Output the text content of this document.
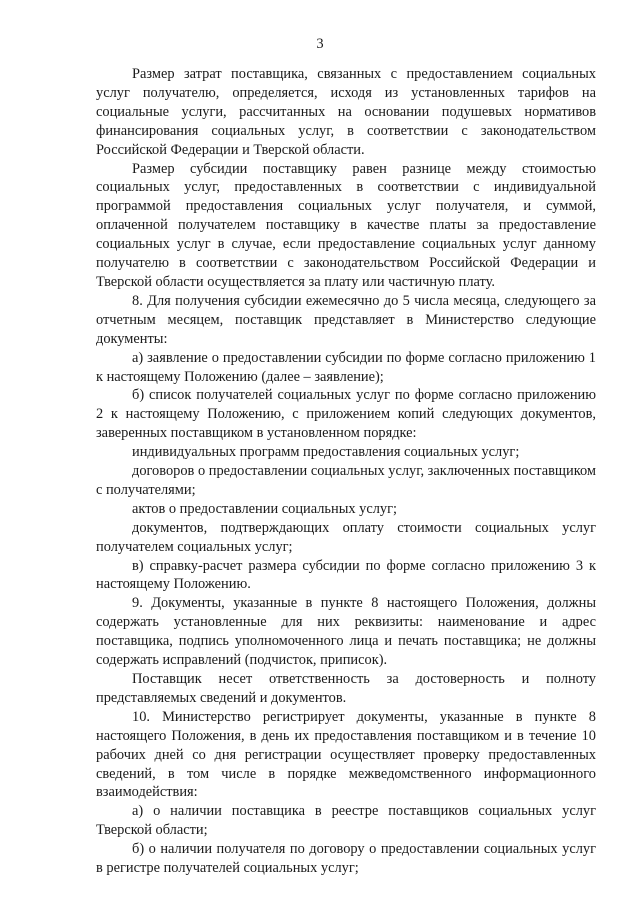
3

Размер затрат поставщика, связанных с предоставлением социальных услуг получателю, определяется, исходя из установленных тарифов на социальные услуги, рассчитанных на основании подушевых нормативов финансирования социальных услуг, в соответствии с законодательством Российской Федерации и Тверской области.

Размер субсидии поставщику равен разнице между стоимостью социальных услуг, предоставленных в соответствии с индивидуальной программой предоставления социальных услуг получателя, и суммой, оплаченной получателем поставщику в качестве платы за предоставление социальных услуг в случае, если предоставление социальных услуг данному получателю в соответствии с законодательством Российской Федерации и Тверской области осуществляется за плату или частичную плату.

8. Для получения субсидии ежемесячно до 5 числа месяца, следующего за отчетным месяцем, поставщик представляет в Министерство следующие документы:

а) заявление о предоставлении субсидии по форме согласно приложению 1 к настоящему Положению (далее – заявление);

б) список получателей социальных услуг по форме согласно приложению 2 к настоящему Положению, с приложением копий следующих документов, заверенных поставщиком в установленном порядке:

индивидуальных программ предоставления социальных услуг;

договоров о предоставлении социальных услуг, заключенных поставщиком с получателями;

актов о предоставлении социальных услуг;

документов, подтверждающих оплату стоимости социальных услуг получателем социальных услуг;

в) справку-расчет размера субсидии по форме согласно приложению 3 к настоящему Положению.

9. Документы, указанные в пункте 8 настоящего Положения, должны содержать установленные для них реквизиты: наименование и адрес поставщика, подпись уполномоченного лица и печать поставщика; не должны содержать исправлений (подчисток, приписок).

Поставщик несет ответственность за достоверность и полноту представляемых сведений и документов.

10. Министерство регистрирует документы, указанные в пункте 8 настоящего Положения, в день их предоставления поставщиком и в течение 10 рабочих дней со дня регистрации осуществляет проверку предоставленных сведений, в том числе в порядке межведомственного информационного взаимодействия:

а) о наличии поставщика в реестре поставщиков социальных услуг Тверской области;

б) о наличии получателя по договору о предоставлении социальных услуг в регистре получателей социальных услуг;
